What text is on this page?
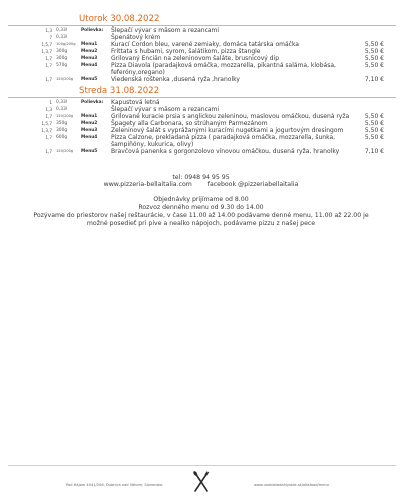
Utorok 30.08.2022
1,3 0,33l	Polievka: Šlepačí vývar s mäsom a rezancami
7 0,33l	Špenátový krém
1,5,7 100g/200g Menu1 Kurací Cordon bleu, varené zemiaky, domáca tatárska omáčka	5,50 €
1,3,7 300g	Menu2 Frittata s hubami, syrom, šalátikom, pizza štangle	5,50 €
1,7 300g	Menu3 Grilovaný Enciän na zeleninovom šaláte, brusnicový dip	5,50 €
1,7 570g	Menu4 Pizza Diavola (paradajková omáčka, mozzarella, pikantná saláma, klobása,	5,50 €
feferóny,oregano)
1,7 150/200g Menu5 Viedenská roštenka ,dusená ryža ,hranolky	7,10 €
Streda 31.08.2022
1 0,33l	Polievka: Kapustová letná
1,3 0,33l	Šlepačí vývar s mäsom a rezancami
1,7 150/200g Menu1 Grilované kuracie prsia s anglickou zeleninou, maslovou omáčkou, dusená ryža	5,50 €
1,5,7 350g	Menu2 Špagety alla Carbonara, so strúhaným Parmezánom	5,50 €
1,3,7 300g	Menu3 Zeleninový šalát s vyprážanými kuracími nugetkami a jogurtovým dresingom	5,50 €
1,7 600g	Menu4 Pizza Calzone, prekladaná pizza ( paradajková omáčka, mozzarella, šunka,	5,50 €
šampiňóny, kukurica, olivy)
1,7 150/200g Menu5 Bravčová panenka s gorgonzolovo vínovou omáčkou, dusená ryža, hranolky	7,10 €
tel: 0948 94 95 95
www.pizzeria-bellaitalia.com	facebook @pizzeriabellaitalia
Objednávky prijímame od 8.00
Rozvoz denného menu od 9.30 do 14.00
Pozývame do priestorov našej reštaurácie, v čase 11.00 až 14.00 podávame denné menu, 11.00 až 22.00 je
možné posedieť pri pive a nealko nápojoch, podávame pizzu z našej pece
Pod Hájom 4041/206, Dubnica nad Váhom, Slovensko	www.unobistedahlystok.sk/alfafood/menu
